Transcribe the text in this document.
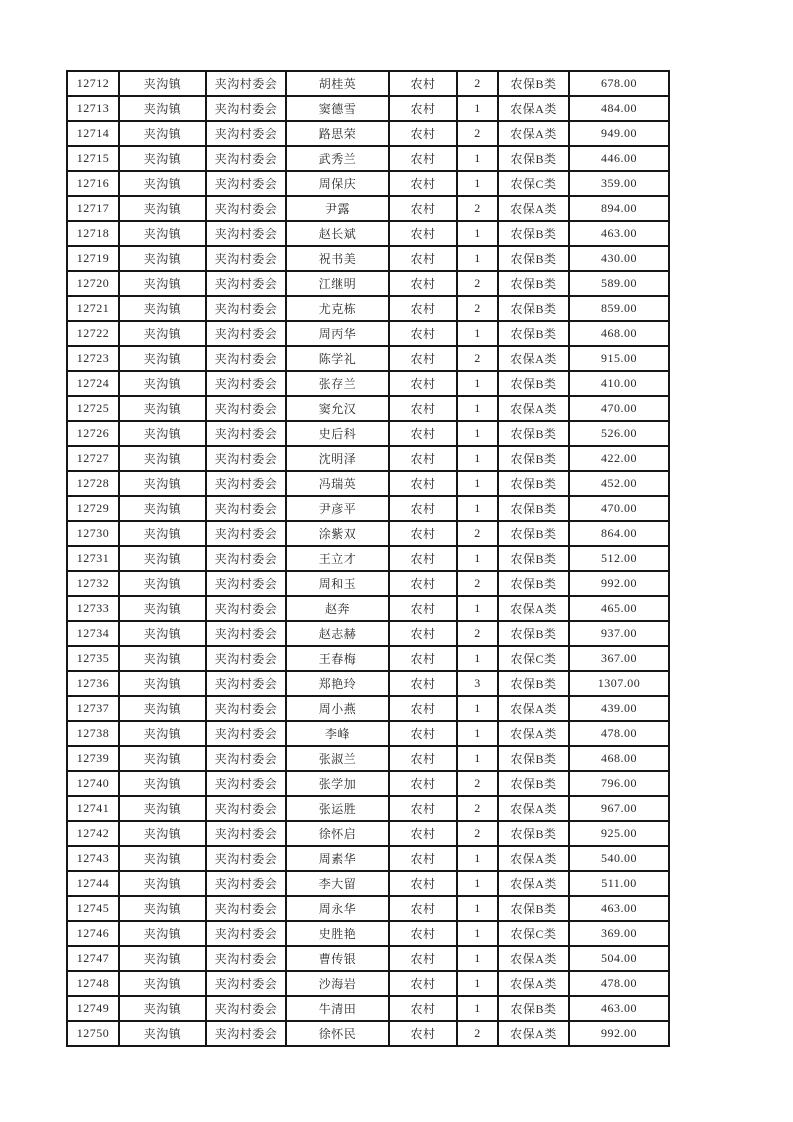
12712	夹沟镇	夹沟村委会	胡桂英	农村	2	农保B类	678.00
12713	夹沟镇	夹沟村委会	窦德雪	农村	1	农保A类	484.00
12714	夹沟镇	夹沟村委会	路思荣	农村	2	农保A类	949.00
12715	夹沟镇	夹沟村委会	武秀兰	农村	1	农保B类	446.00
12716	夹沟镇	夹沟村委会	周保庆	农村	1	农保C类	359.00
12717	夹沟镇	夹沟村委会	尹露	农村	2	农保A类	894.00
12718	夹沟镇	夹沟村委会	赵长斌	农村	1	农保B类	463.00
12719	夹沟镇	夹沟村委会	祝书美	农村	1	农保B类	430.00
12720	夹沟镇	夹沟村委会	江继明	农村	2	农保B类	589.00
12721	夹沟镇	夹沟村委会	尤克栋	农村	2	农保B类	859.00
12722	夹沟镇	夹沟村委会	周丙华	农村	1	农保B类	468.00
12723	夹沟镇	夹沟村委会	陈学礼	农村	2	农保A类	915.00
12724	夹沟镇	夹沟村委会	张存兰	农村	1	农保B类	410.00
12725	夹沟镇	夹沟村委会	窦允汉	农村	1	农保A类	470.00
12726	夹沟镇	夹沟村委会	史后科	农村	1	农保B类	526.00
12727	夹沟镇	夹沟村委会	沈明泽	农村	1	农保B类	422.00
12728	夹沟镇	夹沟村委会	冯瑞英	农村	1	农保B类	452.00
12729	夹沟镇	夹沟村委会	尹彦平	农村	1	农保B类	470.00
12730	夹沟镇	夹沟村委会	涂紫双	农村	2	农保B类	864.00
12731	夹沟镇	夹沟村委会	王立才	农村	1	农保B类	512.00
12732	夹沟镇	夹沟村委会	周和玉	农村	2	农保B类	992.00
12733	夹沟镇	夹沟村委会	赵奔	农村	1	农保A类	465.00
12734	夹沟镇	夹沟村委会	赵志赫	农村	2	农保B类	937.00
12735	夹沟镇	夹沟村委会	王春梅	农村	1	农保C类	367.00
12736	夹沟镇	夹沟村委会	郑艳玲	农村	3	农保B类	1307.00
12737	夹沟镇	夹沟村委会	周小燕	农村	1	农保A类	439.00
12738	夹沟镇	夹沟村委会	李峰	农村	1	农保A类	478.00
12739	夹沟镇	夹沟村委会	张淑兰	农村	1	农保B类	468.00
12740	夹沟镇	夹沟村委会	张学加	农村	2	农保B类	796.00
12741	夹沟镇	夹沟村委会	张运胜	农村	2	农保A类	967.00
12742	夹沟镇	夹沟村委会	徐怀启	农村	2	农保B类	925.00
12743	夹沟镇	夹沟村委会	周素华	农村	1	农保A类	540.00
12744	夹沟镇	夹沟村委会	李大留	农村	1	农保A类	511.00
12745	夹沟镇	夹沟村委会	周永华	农村	1	农保B类	463.00
12746	夹沟镇	夹沟村委会	史胜艳	农村	1	农保C类	369.00
12747	夹沟镇	夹沟村委会	曹传银	农村	1	农保A类	504.00
12748	夹沟镇	夹沟村委会	沙海岩	农村	1	农保A类	478.00
12749	夹沟镇	夹沟村委会	牛清田	农村	1	农保B类	463.00
12750	夹沟镇	夹沟村委会	徐怀民	农村	2	农保A类	992.00
